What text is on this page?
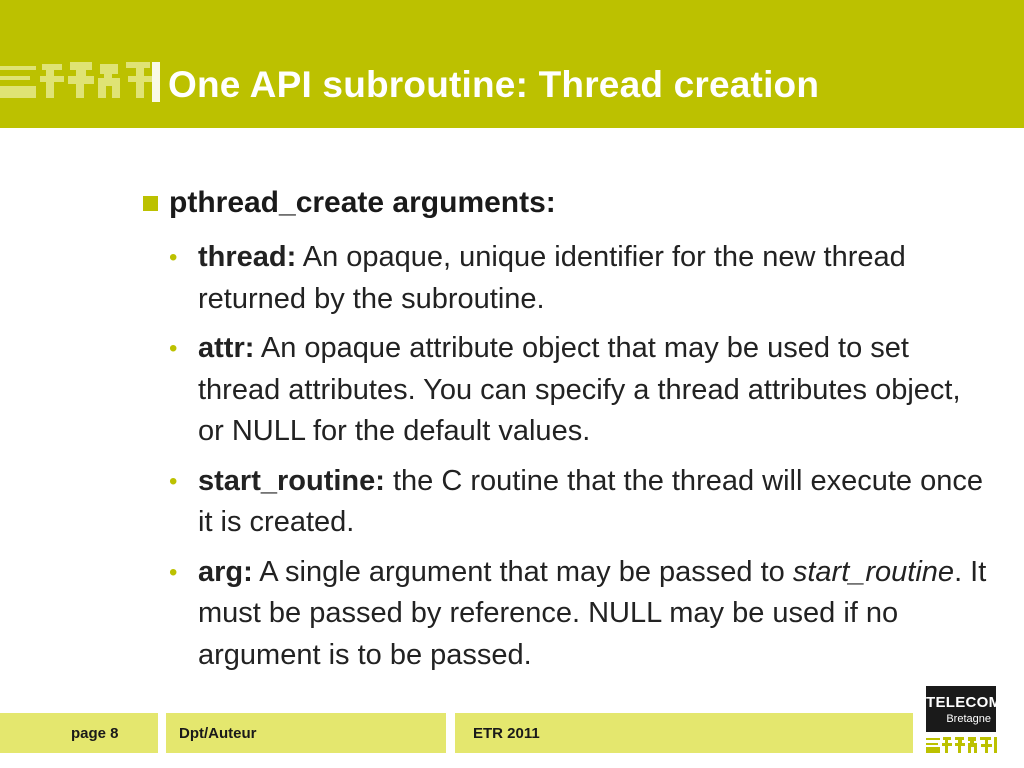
One API subroutine: Thread creation
pthread_create arguments:
• thread: An opaque, unique identifier for the new thread returned by the subroutine.
• attr: An opaque attribute object that may be used to set thread attributes. You can specify a thread attributes object, or NULL for the default values.
• start_routine: the C routine that the thread will execute once it is created.
• arg: A single argument that may be passed to start_routine. It must be passed by reference. NULL may be used if no argument is to be passed.
page 8	Dpt/Auteur	ETR 2011
TELECOM
Bretagne
